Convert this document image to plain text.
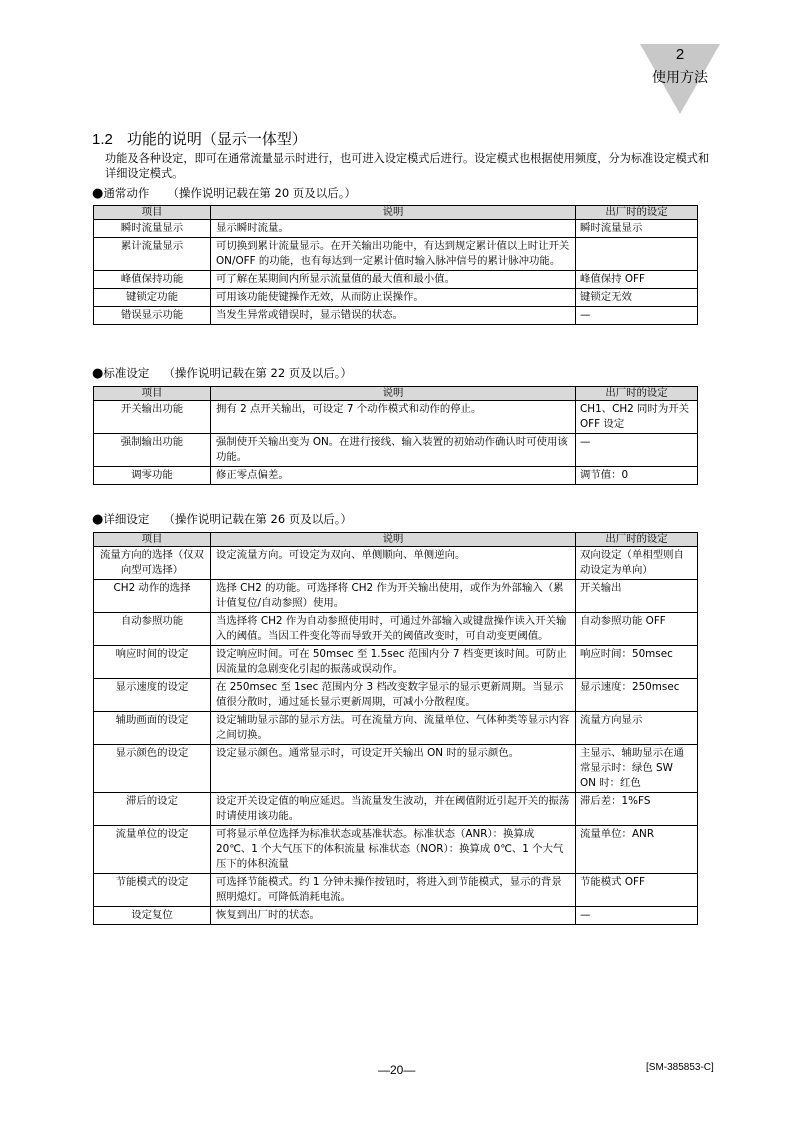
2
使用方法
1.2 功能的说明（显示一体型）
功能及各种设定，即可在通常流量显示时进行，也可进入设定模式后进行。设定模式也根据使用频度，分为标准设定模式和详细设定模式。
●通常动作 （操作说明记载在第 20 页及以后。）
项目	说明	出厂时的设定
瞬时流量显示	显示瞬时流量。	瞬时流量显示
累计流量显示	可切换到累计流量显示。在开关输出功能中，有达到规定累计值以上时让开关 ON/OFF 的功能，也有每达到一定累计值时输入脉冲信号的累计脉冲功能。	
峰值保持功能	可了解在某期间内所显示流量值的最大值和最小值。	峰值保持 OFF
键锁定功能	可用该功能使键操作无效，从而防止误操作。	键锁定无效
错误显示功能	当发生异常或错误时，显示错误的状态。	—
●标准设定 （操作说明记载在第 22 页及以后。）
项目	说明	出厂时的设定
开关输出功能	拥有 2 点开关输出，可设定 7 个动作模式和动作的停止。	CH1、CH2 同时为开关 OFF 设定
强制输出功能	强制使开关输出变为 ON。在进行接线、输入装置的初始动作确认时可使用该功能。	—
调零功能	修正零点偏差。	调节值：0
●详细设定 （操作说明记载在第 26 页及以后。）
项目	说明	出厂时的设定
流量方向的选择（仅双向型可选择）	设定流量方向。可设定为双向、单侧顺向、单侧逆向。	双向设定（单相型则自动设定为单向）
CH2 动作的选择	选择 CH2 的功能。可选择将 CH2 作为开关输出使用，或作为外部输入（累计值复位/自动参照）使用。	开关输出
自动参照功能	当选择将 CH2 作为自动参照使用时，可通过外部输入或键盘操作读入开关输入的阈值。当因工件变化等而导致开关的阈值改变时，可自动变更阈值。	自动参照功能 OFF
响应时间的设定	设定响应时间。可在 50msec 至 1.5sec 范围内分 7 档变更该时间。可防止因流量的急剧变化引起的振荡或误动作。	响应时间：50msec
显示速度的设定	在 250msec 至 1sec 范围内分 3 档改变数字显示的显示更新周期。当显示值很分散时，通过延长显示更新周期，可减小分散程度。	显示速度：250msec
辅助画面的设定	设定辅助显示部的显示方法。可在流量方向、流量单位、气体种类等显示内容之间切换。	流量方向显示
显示颜色的设定	设定显示颜色。通常显示时，可设定开关输出 ON 时的显示颜色。	主显示、辅助显示在通常显示时：绿色 SW　ON 时：红色
滞后的设定	设定开关设定值的响应延迟。当流量发生波动，并在阈值附近引起开关的振荡时请使用该功能。	滞后差：1%FS
流量单位的设定	可将显示单位选择为标准状态或基准状态。标准状态（ANR）：换算成 20℃、1 个大气压下的体积流量 标准状态（NOR）：换算成 0℃、1 个大气压下的体积流量	流量单位：ANR
节能模式的设定	可选择节能模式。约 1 分钟未操作按钮时，将进入到节能模式，显示的背景照明熄灯。可降低消耗电流。	节能模式 OFF
设定复位	恢复到出厂时的状态。	—
—20—	[SM-385853-C]
